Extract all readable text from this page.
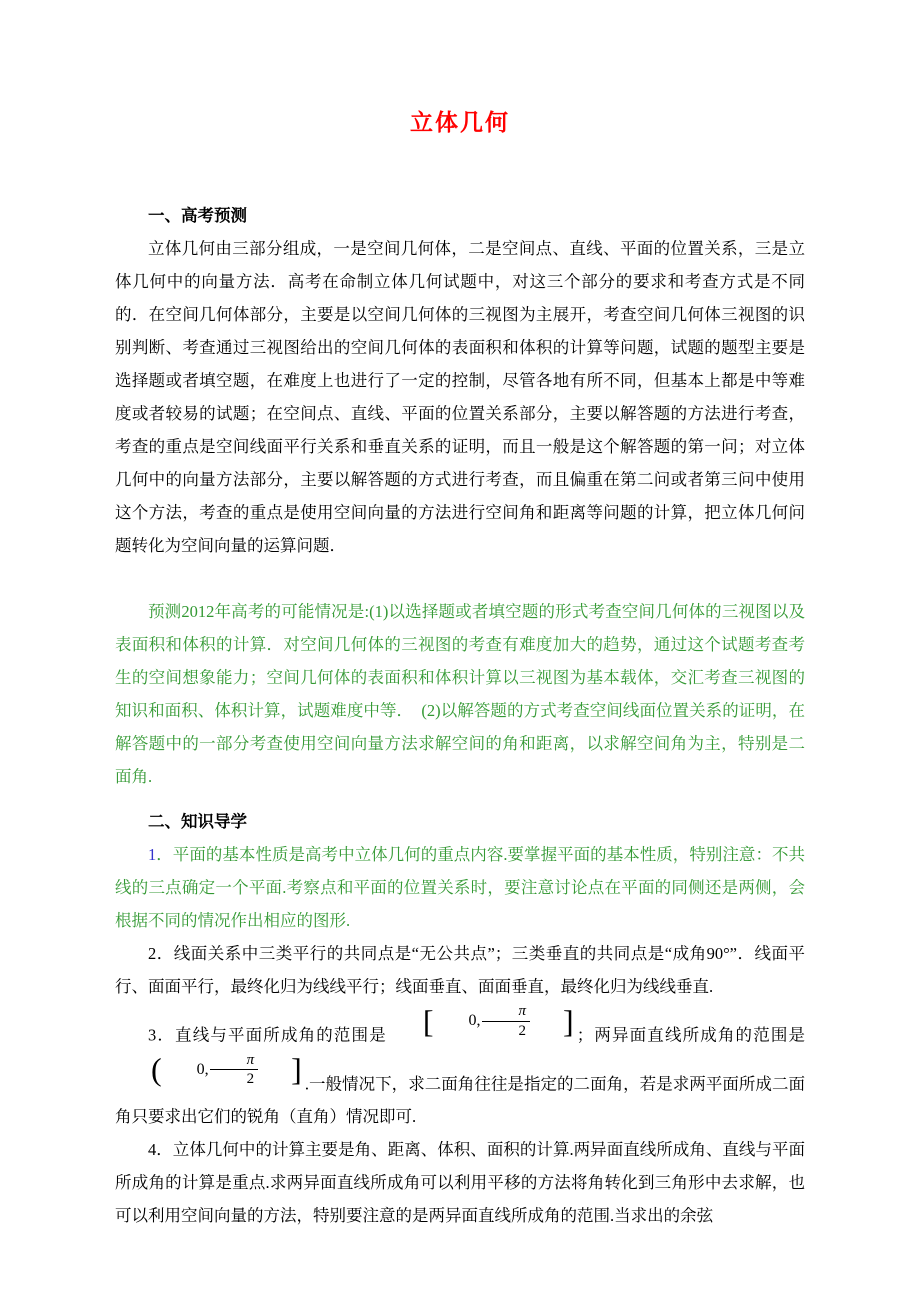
立体几何

一、高考预测

立体几何由三部分组成，一是空间几何体，二是空间点、直线、平面的位置关系，三是立体几何中的向量方法．高考在命制立体几何试题中，对这三个部分的要求和考查方式是不同的．在空间几何体部分，主要是以空间几何体的三视图为主展开，考查空间几何体三视图的识别判断、考查通过三视图给出的空间几何体的表面积和体积的计算等问题，试题的题型主要是选择题或者填空题，在难度上也进行了一定的控制，尽管各地有所不同，但基本上都是中等难度或者较易的试题；在空间点、直线、平面的位置关系部分，主要以解答题的方法进行考查，考查的重点是空间线面平行关系和垂直关系的证明，而且一般是这个解答题的第一问；对立体几何中的向量方法部分，主要以解答题的方式进行考查，而且偏重在第二问或者第三问中使用这个方法，考查的重点是使用空间向量的方法进行空间角和距离等问题的计算，把立体几何问题转化为空间向量的运算问题．

预测2012年高考的可能情况是:(1)以选择题或者填空题的形式考查空间几何体的三视图以及表面积和体积的计算．对空间几何体的三视图的考查有难度加大的趋势，通过这个试题考查考生的空间想象能力；空间几何体的表面积和体积计算以三视图为基本载体，交汇考查三视图的知识和面积、体积计算，试题难度中等．　(2)以解答题的方式考查空间线面位置关系的证明，在解答题中的一部分考查使用空间向量方法求解空间的角和距离，以求解空间角为主，特别是二面角.

二、知识导学

1．平面的基本性质是高考中立体几何的重点内容.要掌握平面的基本性质，特别注意：不共线的三点确定一个平面.考察点和平面的位置关系时，要注意讨论点在平面的同侧还是两侧，会根据不同的情况作出相应的图形.

2．线面关系中三类平行的共同点是“无公共点”；三类垂直的共同点是“成角90°”．线面平行、面面平行，最终化归为线线平行；线面垂直、面面垂直，最终化归为线线垂直.

3．直线与平面所成角的范围是	[	0, $\frac{\pi}{2}$	] ；两异面直线所成角的范围是
(	0, $\frac{\pi}{2}$	] .一般情况下，求二面角往往是指定的二面角，若是求两平面所成二面角只要求出它们的锐角（直角）情况即可.

4．立体几何中的计算主要是角、距离、体积、面积的计算.两异面直线所成角、直线与平面所成角的计算是重点.求两异面直线所成角可以利用平移的方法将角转化到三角形中去求解，也可以利用空间向量的方法，特别要注意的是两异面直线所成角的范围.当求出的余弦
